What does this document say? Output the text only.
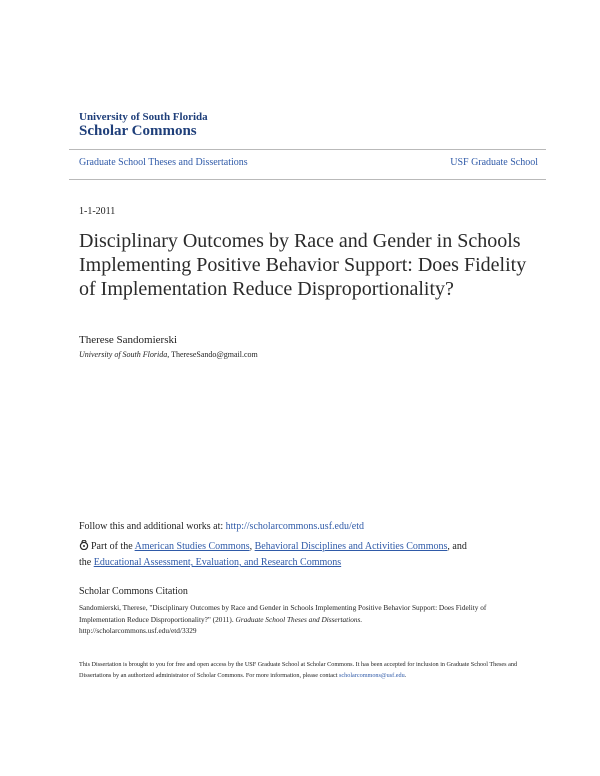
University of South Florida
Scholar Commons
Graduate School Theses and Dissertations	USF Graduate School
1-1-2011
Disciplinary Outcomes by Race and Gender in Schools Implementing Positive Behavior Support: Does Fidelity of Implementation Reduce Disproportionality?
Therese Sandomierski
University of South Florida, ThereseSando@gmail.com
Follow this and additional works at: http://scholarcommons.usf.edu/etd
Part of the American Studies Commons, Behavioral Disciplines and Activities Commons, and
the Educational Assessment, Evaluation, and Research Commons
Scholar Commons Citation
Sandomierski, Therese, "Disciplinary Outcomes by Race and Gender in Schools Implementing Positive Behavior Support: Does Fidelity of Implementation Reduce Disproportionality?" (2011). Graduate School Theses and Dissertations.
http://scholarcommons.usf.edu/etd/3329
This Dissertation is brought to you for free and open access by the USF Graduate School at Scholar Commons. It has been accepted for inclusion in Graduate School Theses and Dissertations by an authorized administrator of Scholar Commons. For more information, please contact scholarcommons@usf.edu.
